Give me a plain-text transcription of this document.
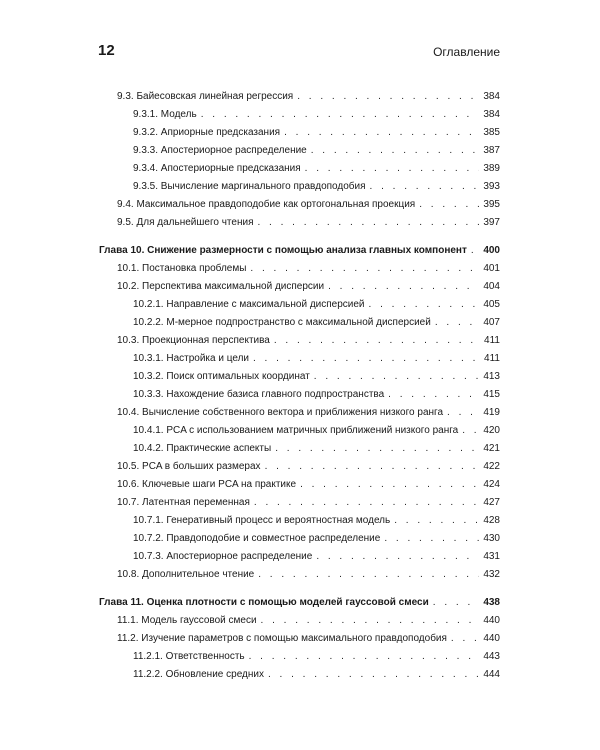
12	Оглавление
9.3. Байесовская линейная регрессия . . .	384
9.3.1. Модель . . .	384
9.3.2. Априорные предсказания . . .	385
9.3.3. Апостериорное распределение . . .	387
9.3.4. Апостериорные предсказания . . .	389
9.3.5. Вычисление маргинального правдоподобия . . .	393
9.4. Максимальное правдоподобие как ортогональная проекция . . .	395
9.5. Для дальнейшего чтения . . .	397
Глава 10. Снижение размерности с помощью анализа главных компонент . . . 400
10.1. Постановка проблемы . . .	401
10.2. Перспектива максимальной дисперсии . . .	404
10.2.1. Направление с максимальной дисперсией . . .	405
10.2.2. M-мерное подпространство с максимальной дисперсией . . .	407
10.3. Проекционная перспектива . . .	411
10.3.1. Настройка и цели . . .	411
10.3.2. Поиск оптимальных координат . . .	413
10.3.3. Нахождение базиса главного подпространства . . .	415
10.4. Вычисление собственного вектора и приближения низкого ранга . . .	419
10.4.1. PCA с использованием матричных приближений низкого ранга . . .	420
10.4.2. Практические аспекты . . .	421
10.5. PCA в больших размерах . . .	422
10.6. Ключевые шаги PCA на практике . . .	424
10.7. Латентная переменная . . .	427
10.7.1. Генеративный процесс и вероятностная модель . . .	428
10.7.2. Правдоподобие и совместное распределение . . .	430
10.7.3. Апостериорное распределение . . .	431
10.8. Дополнительное чтение . . .	432
Глава 11. Оценка плотности с помощью моделей гауссовой смеси . . .	438
11.1. Модель гауссовой смеси . . .	440
11.2. Изучение параметров с помощью максимального правдоподобия . . .	440
11.2.1. Ответственность . . .	443
11.2.2. Обновление средних . . .	444
